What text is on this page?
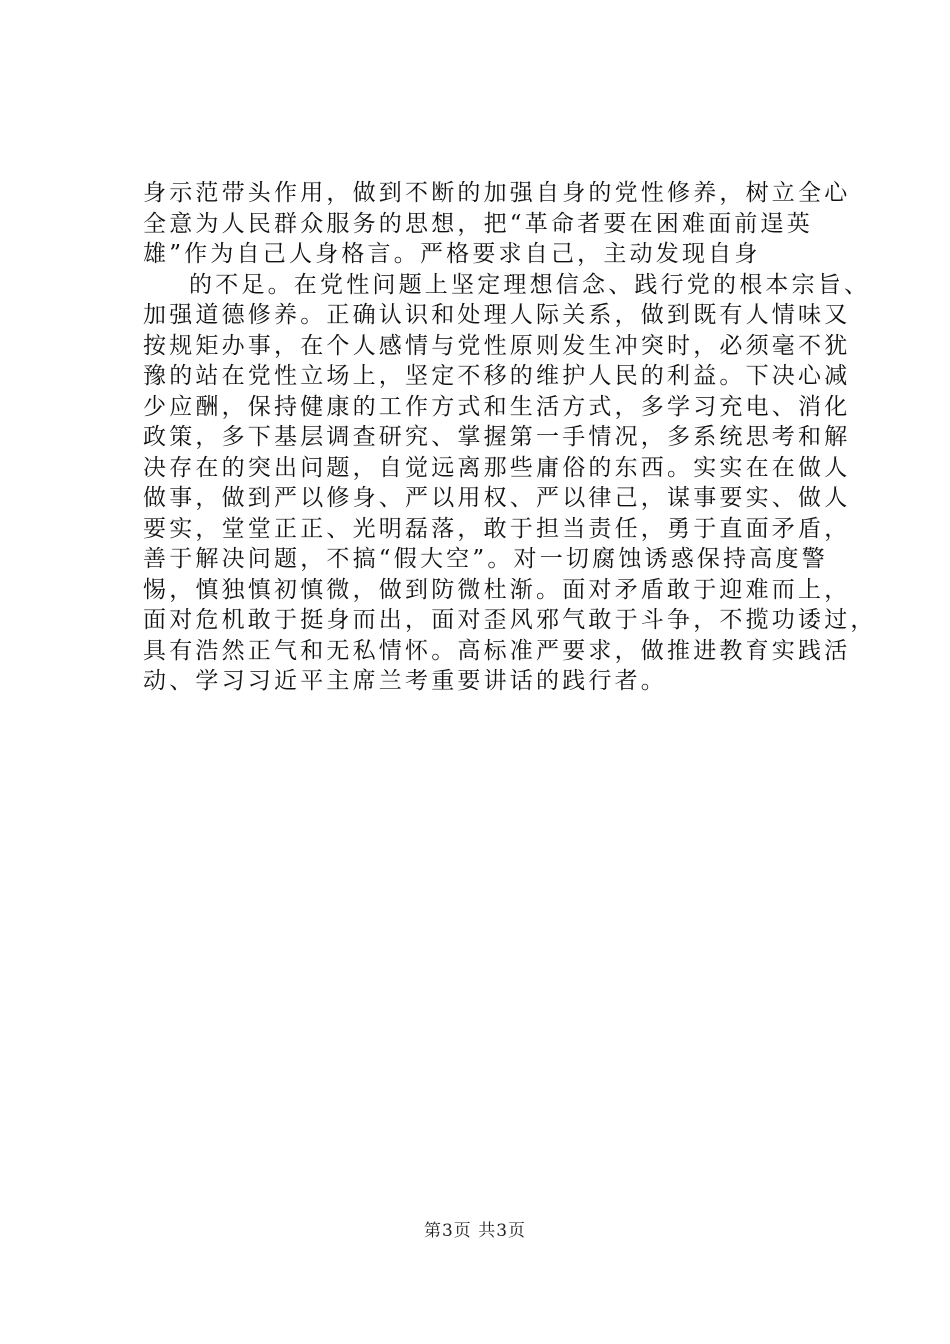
身示范带头作用，做到不断的加强自身的党性修养，树立全心
全意为人民群众服务的思想，把“革命者要在困难面前逞英
雄”作为自己人身格言。严格要求自己，主动发现自身
的不足。在党性问题上坚定理想信念、践行党的根本宗旨、
加强道德修养。正确认识和处理人际关系，做到既有人情味又
按规矩办事，在个人感情与党性原则发生冲突时，必须毫不犹
豫的站在党性立场上，坚定不移的维护人民的利益。下决心减
少应酬，保持健康的工作方式和生活方式，多学习充电、消化
政策，多下基层调查研究、掌握第一手情况，多系统思考和解
决存在的突出问题，自觉远离那些庸俗的东西。实实在在做人
做事，做到严以修身、严以用权、严以律己，谋事要实、做人
要实，堂堂正正、光明磊落，敢于担当责任，勇于直面矛盾，
善于解决问题，不搞“假大空”。对一切腐蚀诱惑保持高度警
惕，慎独慎初慎微，做到防微杜渐。面对矛盾敢于迎难而上，
面对危机敢于挺身而出，面对歪风邪气敢于斗争，不揽功诿过，
具有浩然正气和无私情怀。高标准严要求，做推进教育实践活
动、学习习近平主席兰考重要讲话的践行者。
第3页 共3页
